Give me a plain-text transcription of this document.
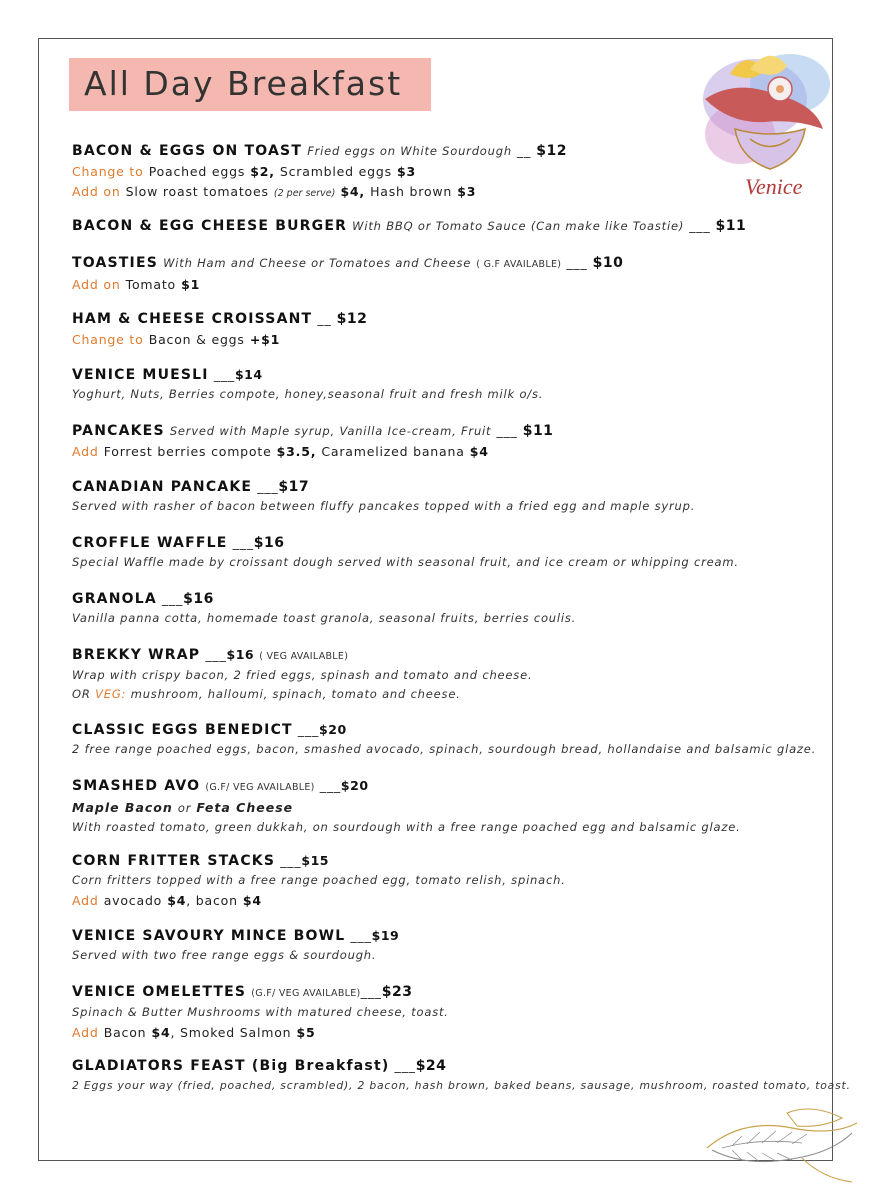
All Day Breakfast
Venice
BACON & EGGS ON TOAST Fried eggs on White Sourdough __ $12
Change to Poached eggs $2, Scrambled eggs $3
Add on Slow roast tomatoes (2 per serve) $4, Hash brown $3
BACON & EGG CHEESE BURGER With BBQ or Tomato Sauce (Can make like Toastie) ___ $11
TOASTIES With Ham and Cheese or Tomatoes and Cheese ( G.F AVAILABLE) ___ $10
Add on Tomato $1
HAM & CHEESE CROISSANT __ $12
Change to Bacon & eggs +$1
VENICE MUESLI ___$14
Yoghurt, Nuts, Berries compote, honey,seasonal fruit and fresh milk o/s.
PANCAKES Served with Maple syrup, Vanilla Ice-cream, Fruit ___ $11
Add Forrest berries compote $3.5, Caramelized banana $4
CANADIAN PANCAKE ___$17
Served with rasher of bacon between fluffy pancakes topped with a fried egg and maple syrup.
CROFFLE WAFFLE ___$16
Special Waffle made by croissant dough served with seasonal fruit, and ice cream or whipping cream.
GRANOLA ___$16
Vanilla panna cotta, homemade toast granola, seasonal fruits, berries coulis.
BREKKY WRAP ___$16 ( VEG AVAILABLE)
Wrap with crispy bacon, 2 fried eggs, spinash and tomato and cheese.
OR VEG: mushroom, halloumi, spinach, tomato and cheese.
CLASSIC EGGS BENEDICT ___$20
2 free range poached eggs, bacon, smashed avocado, spinach, sourdough bread, hollandaise and balsamic glaze.
SMASHED AVO (G.F/ VEG AVAILABLE) ___$20
Maple Bacon or Feta Cheese
With roasted tomato, green dukkah, on sourdough with a free range poached egg and balsamic glaze.
CORN FRITTER STACKS ___$15
Corn fritters topped with a free range poached egg, tomato relish, spinach.
Add avocado $4, bacon $4
VENICE SAVOURY MINCE BOWL ___$19
Served with two free range eggs & sourdough.
VENICE OMELETTES (G.F/ VEG AVAILABLE)___$23
Spinach & Butter Mushrooms with matured cheese, toast.
Add Bacon $4, Smoked Salmon $5
GLADIATORS FEAST (Big Breakfast) ___$24
2 Eggs your way (fried, poached, scrambled), 2 bacon, hash brown, baked beans, sausage, mushroom, roasted tomato, toast.
